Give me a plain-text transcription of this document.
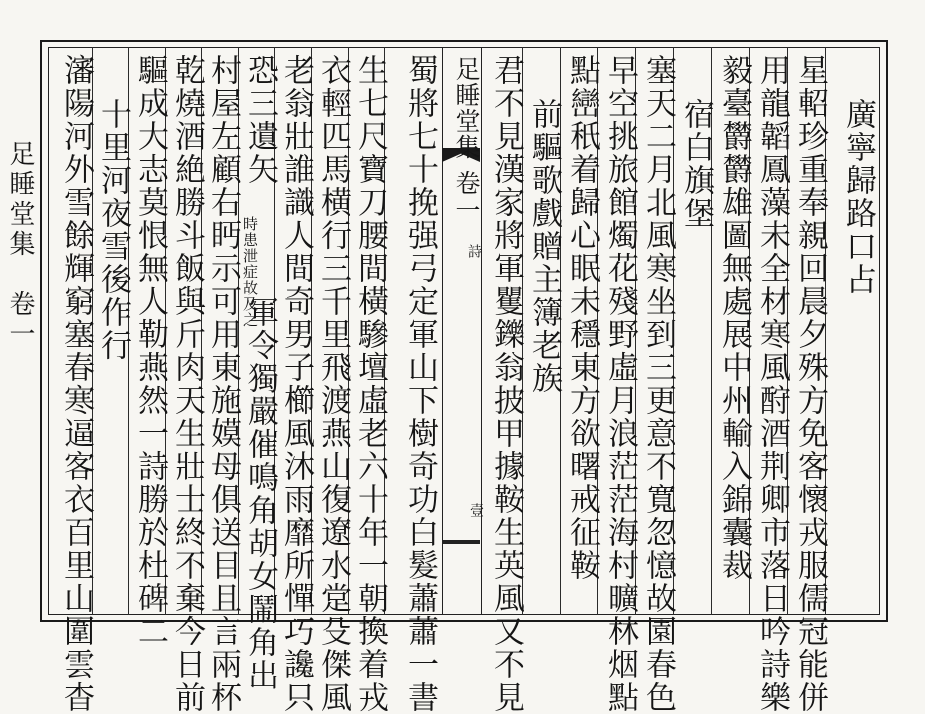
足睡堂集　卷一
足睡堂集
卷一
詩
壹
廣寧歸路口占
星軺珍重奉親回晨夕殊方免客懷戎服儒冠能併
用龍韜鳳藻未全材寒風酧酒荆卿市落日吟詩樂
毅臺欝欝雄圖無處展中州輸入錦囊裁
宿白旗堡
塞天二月北風寒坐到三更意不寬忽憶故園春色
早空挑旅館燭花殘野虛月浪茫茫海村曠林烟點
點巒秖着歸心眠未穩東方欲曙戒征鞍
前驅歌戲贈主簿老族
君不見漢家將軍矍鑠翁披甲據鞍生英風又不見
蜀將七十挽强弓定軍山下樹奇功白髮蕭蕭一書
生七尺寶刀腰間橫驂壇虛老六十年一朝換着戎
衣輕匹馬横行三千里飛渡燕山復遼水䟫殳傑風
老翁壯誰識人間奇男子櫛風沐雨靡所憚巧讒只
恐三遺矢
時患泄症故及之
軍令獨嚴催鳴角胡女鬧角出
村屋左顧右眄示可用東施嫫母俱送目且言兩杯
乾燒酒絶勝斗飯與斤肉天生壯士終不棄今日前
驅成大志莫恨無人勒燕然一詩勝於杜碑二
十里河夜雪後作行
瀋陽河外雪餘輝窮塞春寒逼客衣百里山圍雲杳
